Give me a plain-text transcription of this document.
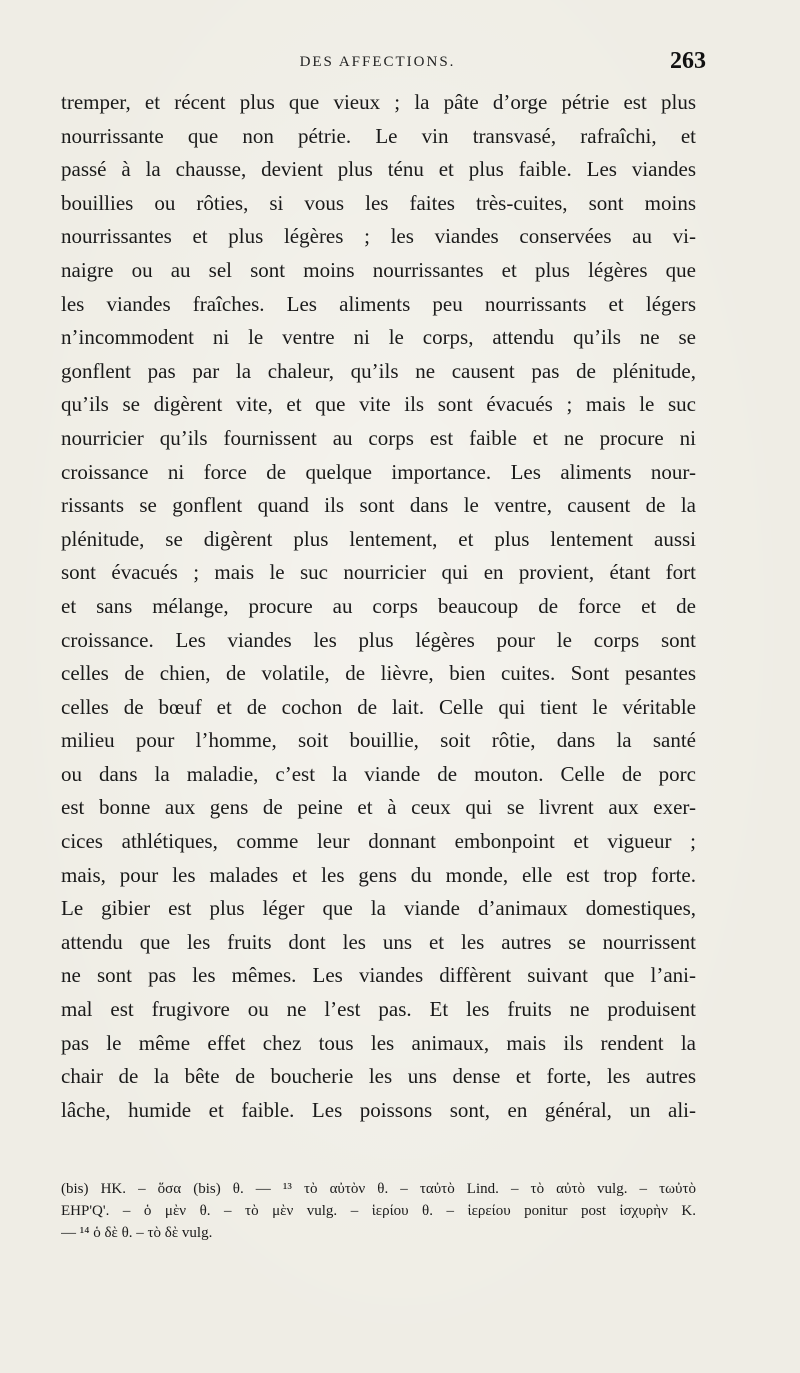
DES AFFECTIONS.	263
tremper, et récent plus que vieux ; la pâte d’orge pétrie est plus
nourrissante que non pétrie. Le vin transvasé, rafraîchi, et
passé à la chausse, devient plus ténu et plus faible. Les viandes
bouillies ou rôties, si vous les faites très-cuites, sont moins
nourrissantes et plus légères ; les viandes conservées au vi-
naigre ou au sel sont moins nourrissantes et plus légères que
les viandes fraîches. Les aliments peu nourrissants et légers
n’incommodent ni le ventre ni le corps, attendu qu’ils ne se
gonflent pas par la chaleur, qu’ils ne causent pas de plénitude,
qu’ils se digèrent vite, et que vite ils sont évacués ; mais le suc
nourricier qu’ils fournissent au corps est faible et ne procure ni
croissance ni force de quelque importance. Les aliments nour-
rissants se gonflent quand ils sont dans le ventre, causent de la
plénitude, se digèrent plus lentement, et plus lentement aussi
sont évacués ; mais le suc nourricier qui en provient, étant fort
et sans mélange, procure au corps beaucoup de force et de
croissance. Les viandes les plus légères pour le corps sont
celles de chien, de volatile, de lièvre, bien cuites. Sont pesantes
celles de bœuf et de cochon de lait. Celle qui tient le véritable
milieu pour l’homme, soit bouillie, soit rôtie, dans la santé
ou dans la maladie, c’est la viande de mouton. Celle de porc
est bonne aux gens de peine et à ceux qui se livrent aux exer-
cices athlétiques, comme leur donnant embonpoint et vigueur ;
mais, pour les malades et les gens du monde, elle est trop forte.
Le gibier est plus léger que la viande d’animaux domestiques,
attendu que les fruits dont les uns et les autres se nourrissent
ne sont pas les mêmes. Les viandes diffèrent suivant que l’ani-
mal est frugivore ou ne l’est pas. Et les fruits ne produisent
pas le même effet chez tous les animaux, mais ils rendent la
chair de la bête de boucherie les uns dense et forte, les autres
lâche, humide et faible. Les poissons sont, en général, un ali-
(bis) HK. – ὅσα (bis) θ. — ¹³ τὸ αὐτὸν θ. – ταὐτὸ Lind. – τὸ αὐτὸ vulg. – τωὐτὸ
EHP'Q'. – ὁ μὲν θ. – τὸ μὲν vulg. – ἱερίου θ. – ἱερείου ponitur post ἰσχυρὴν K.
— ¹⁴ ὁ δὲ θ. – τὸ δὲ vulg.
